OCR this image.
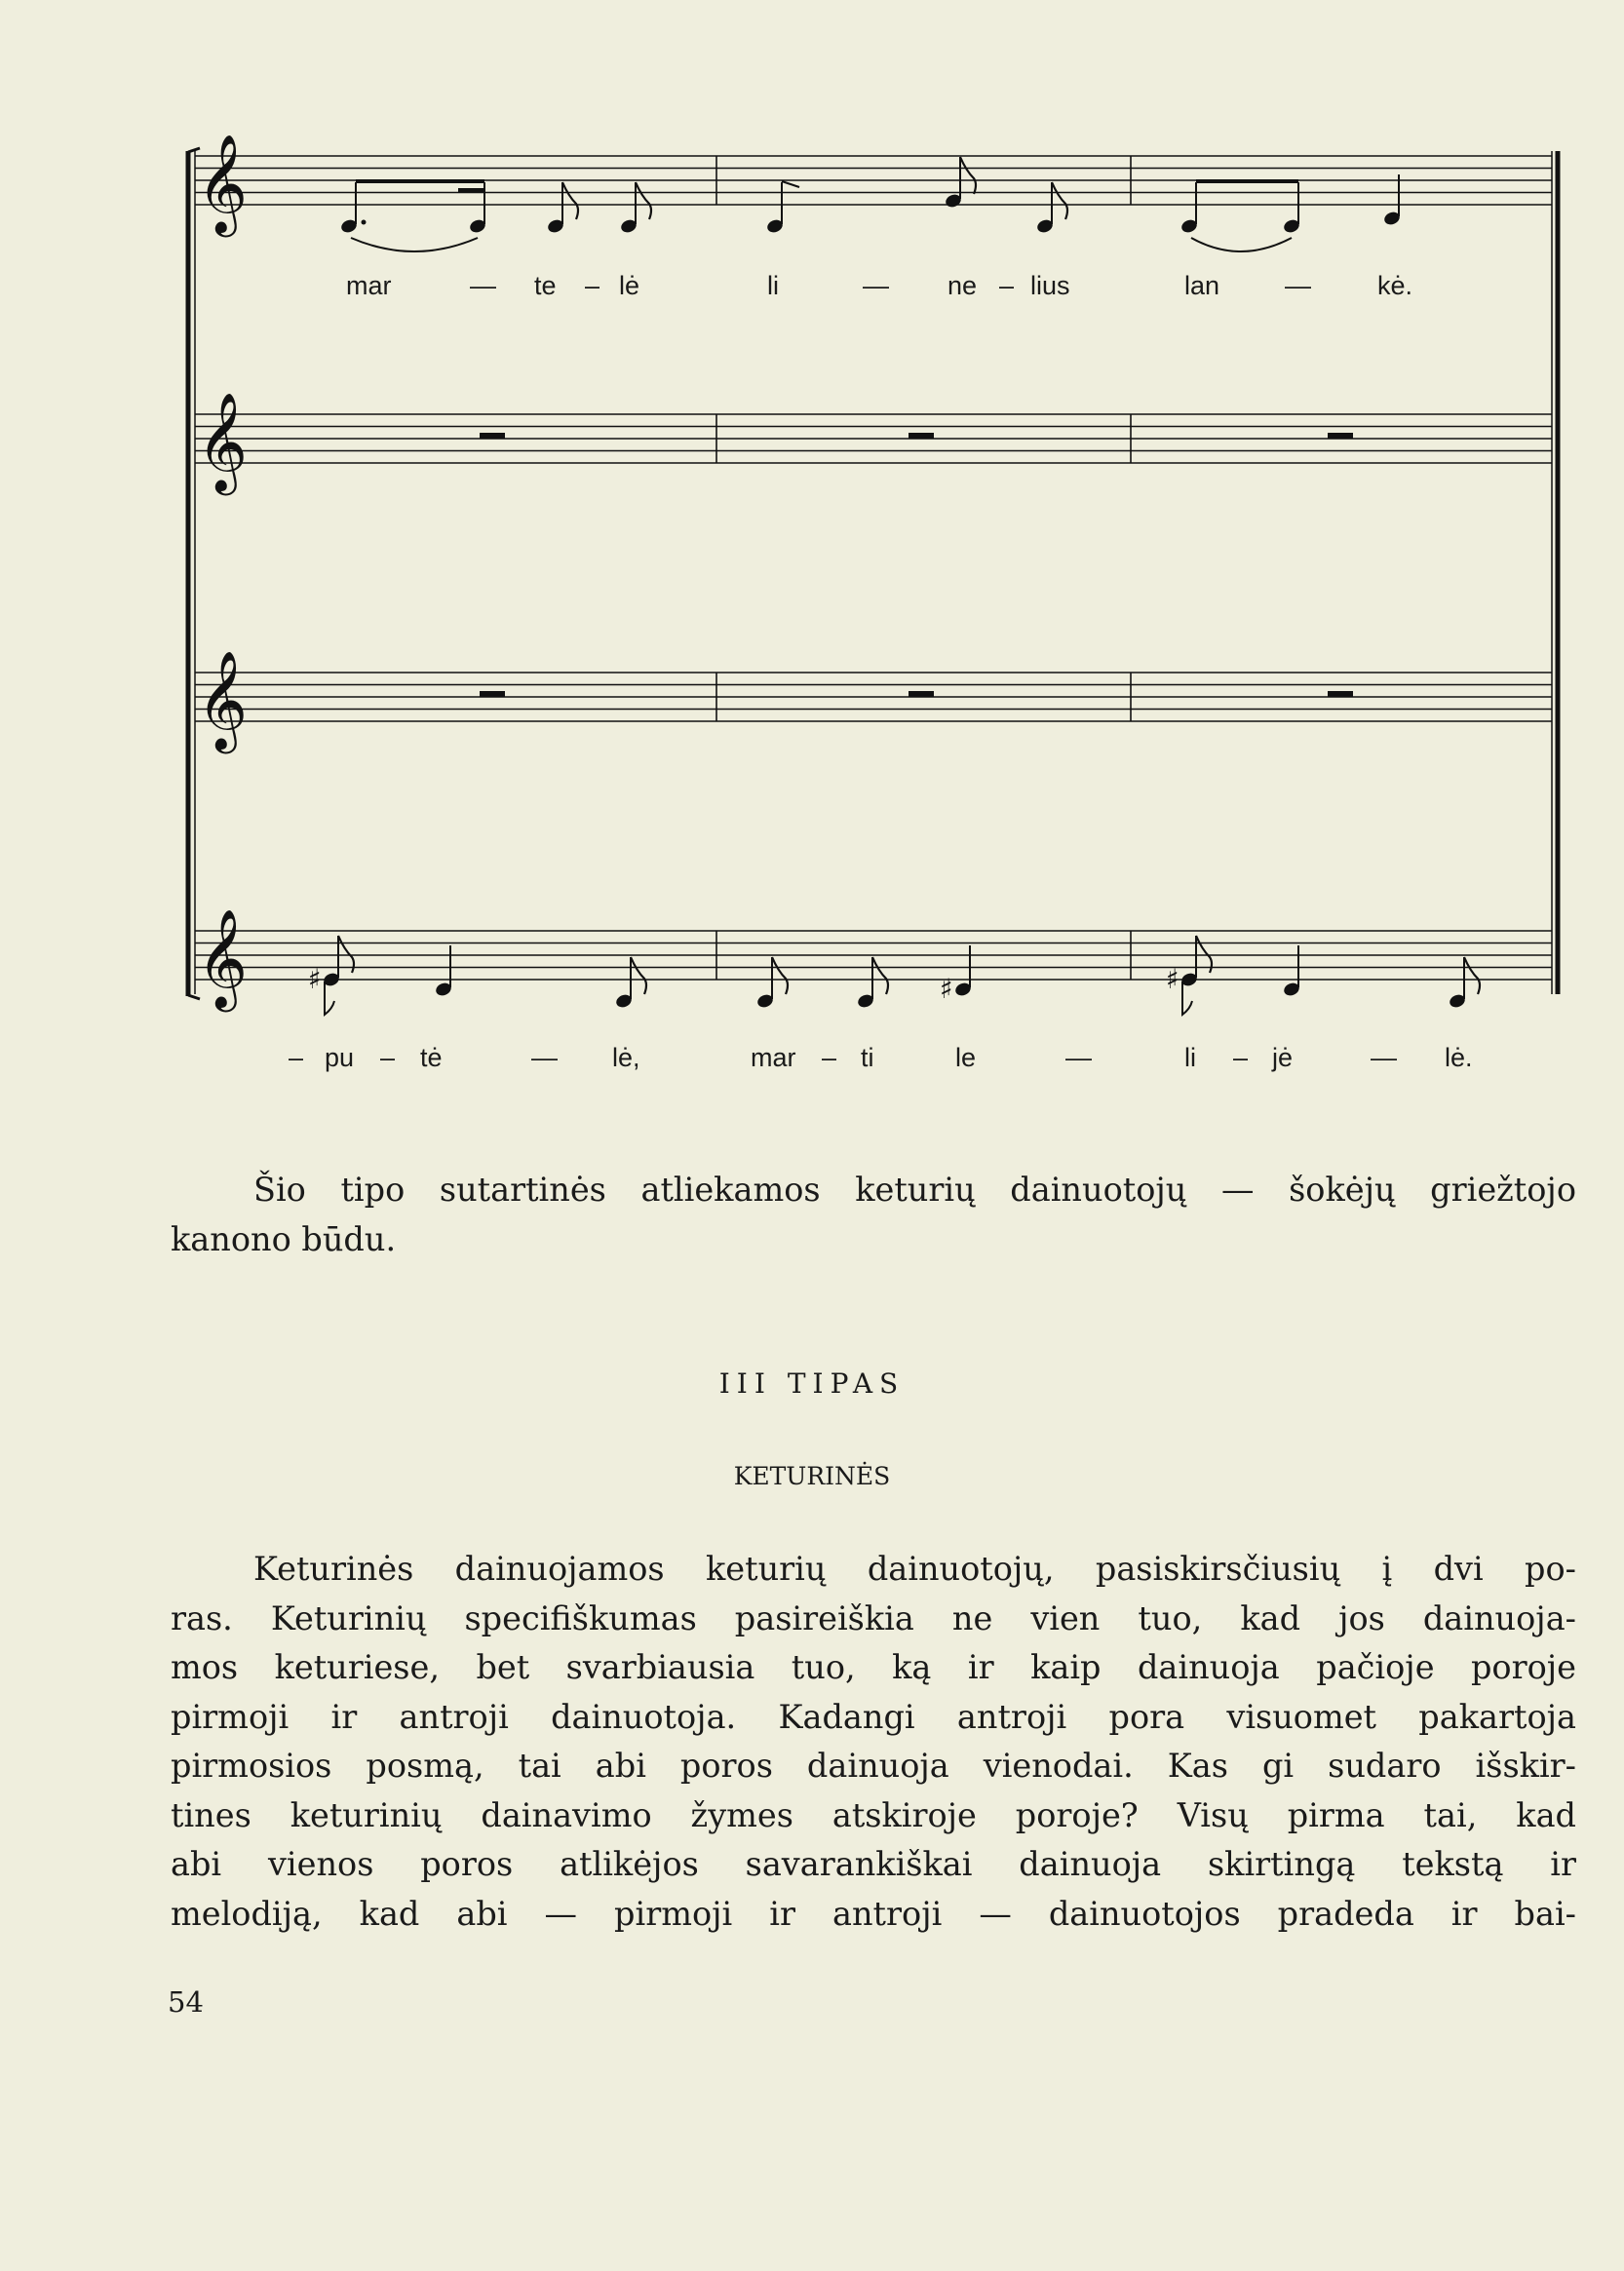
𝄞
𝄞
𝄞
𝄞 ♯	♯	♯
mar	— te – lė	li	— ne – lius	lan —	kė.
– pu – tė	— lė,	mar – ti	le	—	li – jė	— lė.
Šio tipo sutartinės atliekamos keturių dainuotojų — šokėjų griežtojo
kanono būdu.
III TIPAS
KETURINĖS
Keturinės dainuojamos keturių dainuotojų, pasiskirsčiusių į dvi po-
ras. Keturinių specifiškumas pasireiškia ne vien tuo, kad jos dainuoja-
mos keturiese, bet svarbiausia tuo, ką ir kaip dainuoja pačioje poroje
pirmoji ir antroji dainuotoja. Kadangi antroji pora visuomet pakartoja
pirmosios posmą, tai abi poros dainuoja vienodai. Kas gi sudaro išskir-
tines keturinių dainavimo žymes atskiroje poroje? Visų pirma tai, kad
abi vienos poros atlikėjos savarankiškai dainuoja skirtingą tekstą ir
melodiją, kad abi — pirmoji ir antroji — dainuotojos pradeda ir bai-
54
